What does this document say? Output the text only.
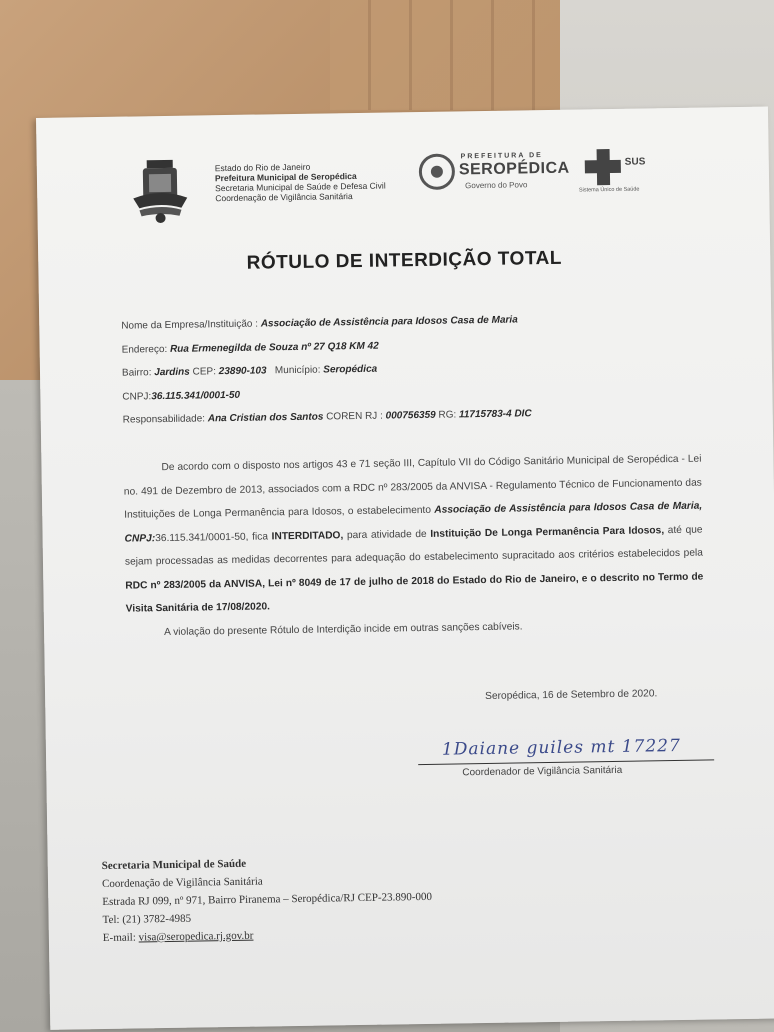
Estado do Rio de Janeiro
Prefeitura Municipal de Seropédica
Secretaria Municipal de Saúde e Defesa Civil
Coordenação de Vigilância Sanitária
PREFEITURA DE
SEROPÉDICA
Governo do Povo
SUS
Sistema Único de Saúde
RÓTULO DE INTERDIÇÃO TOTAL
Nome da Empresa/Instituição : Associação de Assistência para Idosos Casa de Maria
Endereço: Rua Ermenegilda de Souza nº 27 Q18 KM 42
Bairro: Jardins CEP: 23890-103 Município: Seropédica
CNPJ:36.115.341/0001-50
Responsabilidade: Ana Cristian dos Santos COREN RJ : 000756359 RG: 11715783-4 DIC

De acordo com o disposto nos artigos 43 e 71 seção III, Capítulo VII do Código Sanitário Municipal de Seropédica - Lei no. 491 de Dezembro de 2013, associados com a RDC nº 283/2005 da ANVISA - Regulamento Técnico de Funcionamento das Instituições de Longa Permanência para Idosos, o estabelecimento Associação de Assistência para Idosos Casa de Maria, CNPJ:36.115.341/0001-50, fica INTERDITADO, para atividade de Instituição De Longa Permanência Para Idosos, até que sejam processadas as medidas decorrentes para adequação do estabelecimento supracitado aos critérios estabelecidos pela RDC nº 283/2005 da ANVISA, Lei nº 8049 de 17 de julho de 2018 do Estado do Rio de Janeiro, e o descrito no Termo de Visita Sanitária de 17/08/2020.

A violação do presente Rótulo de Interdição incide em outras sanções cabíveis.

Seropédica, 16 de Setembro de 2020.
1Daiane guiles mt 17227
Coordenador de Vigilância Sanitária
Secretaria Municipal de Saúde
Coordenação de Vigilância Sanitária
Estrada RJ 099, nº 971, Bairro Piranema – Seropédica/RJ CEP-23.890-000
Tel: (21) 3782-4985
E-mail: visa@seropedica.rj.gov.br
